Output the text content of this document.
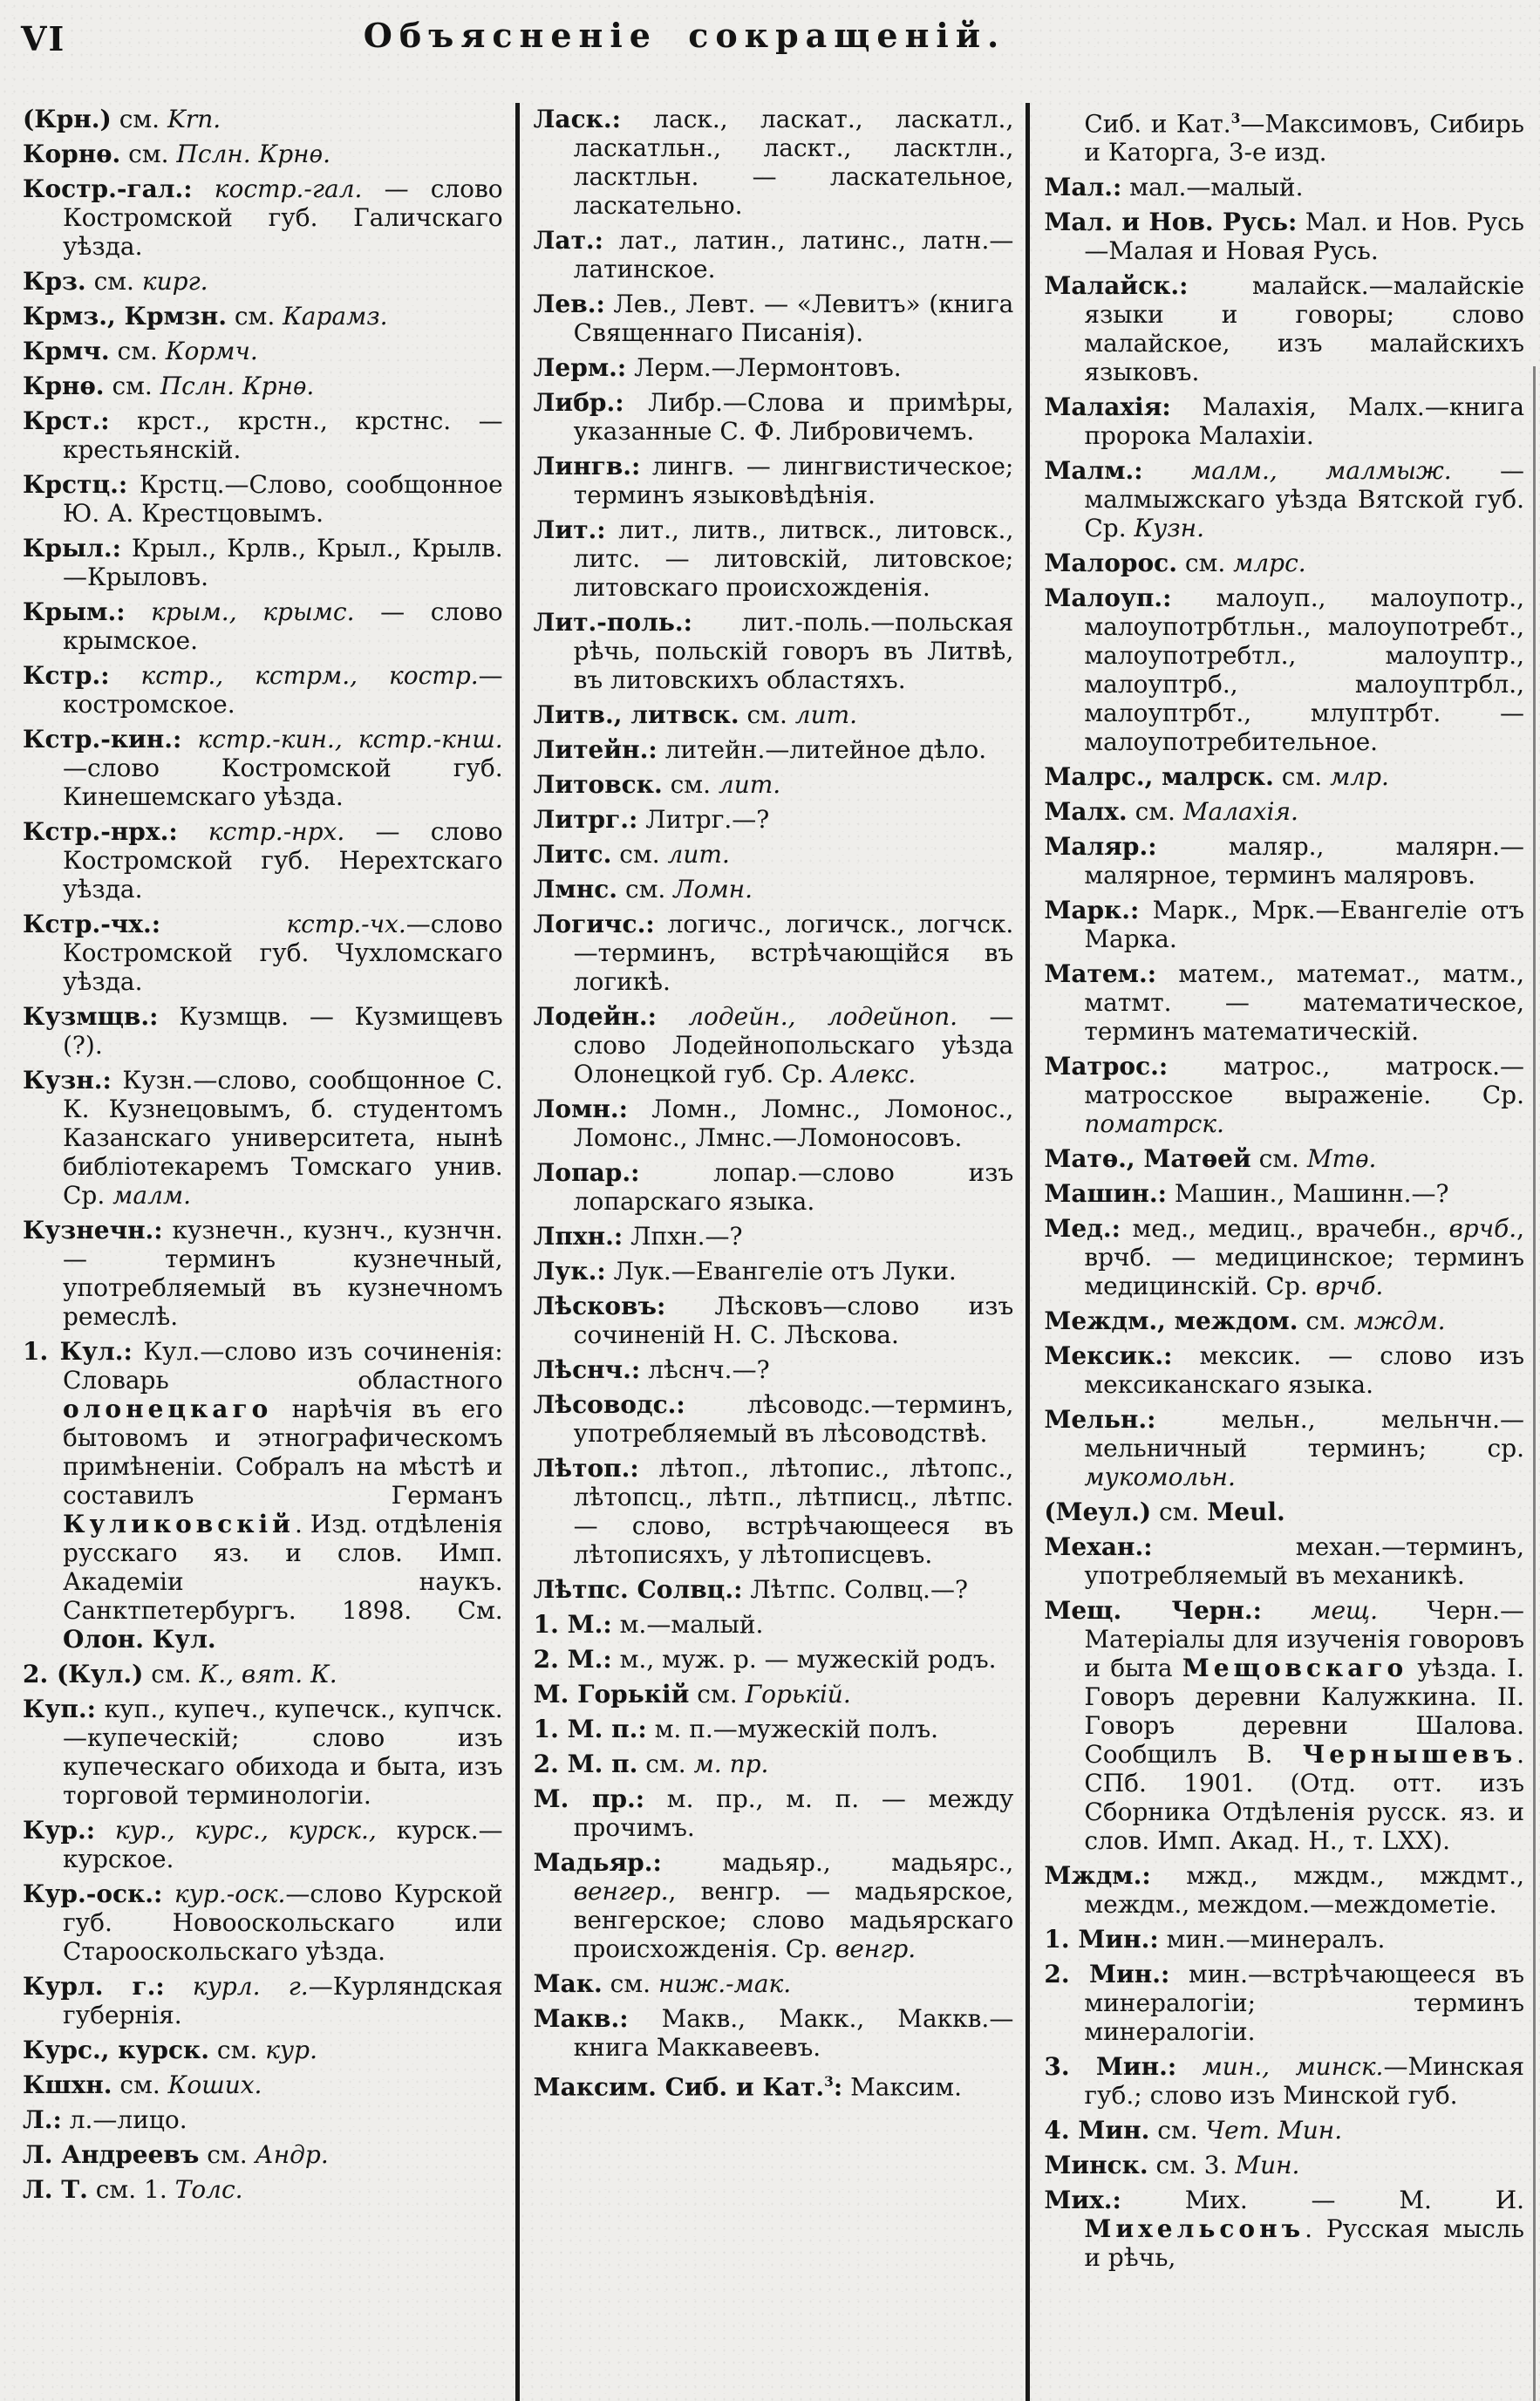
VI	Объясненіе сокращеній.
(Крн.) см. Krn.
Корнѳ. см. Пслн. Крнѳ.
Костр.-гал.: костр.-гал. — слово Костромской губ. Галичскаго уѣзда.
Крз. см. кирг.
Крмз., Крмзн. см. Карамз.
Крмч. см. Кормч.
Крнѳ. см. Пслн. Крнѳ.
Крст.: крст., крстн., крстнс. — крестьянскій.
Крстц.: Крстц.—Слово, сообщонное Ю. А. Крестцовымъ.
Крыл.: Крыл., Крлв., Крыл., Крылв.—Крыловъ.
Крым.: крым., крымс. — слово крымское.
Кстр.: кстр., кстрм., костр.— костромское.
Кстр.-кин.: кстр.-кин., кстр.-кнш. —слово Костромской губ. Кинешемскаго уѣзда.
Кстр.-нрх.: кстр.-нрх. — слово Костромской губ. Нерехтскаго уѣзда.
Кстр.-чх.: кстр.-чх.—слово Костромской губ. Чухломскаго уѣзда.
Кузмщв.: Кузмщв. — Кузмищевъ (?).
Кузн.: Кузн.—слово, сообщонное С. К. Кузнецовымъ, б. студентомъ Казанскаго университета, нынѣ библіотекаремъ Томскаго унив. Ср. малм.
Кузнечн.: кузнечн., кузнч., кузнчн. — терминъ кузнечный, употребляемый въ кузнечномъ ремеслѣ.
1. Кул.: Кул.—слово изъ сочиненія: Словарь областного олонецкаго нарѣчія въ его бытовомъ и этнографическомъ примѣненіи. Собралъ на мѣстѣ и составилъ Германъ Куликовскій. Изд. отдѣленія русскаго яз. и слов. Имп. Академіи наукъ. Санктпетербургъ. 1898. См. Олон. Кул.
2. (Кул.) см. К., вят. К.
Куп.: куп., купеч., купечск., купчск.—купеческій; слово изъ купеческаго обихода и быта, изъ торговой терминологіи.
Кур.: кур., курс., курск., курск.— курское.
Кур.-оск.: кур.-оск.—слово Курской губ. Новооскольскаго или Старооскольскаго уѣзда.
Курл. г.: курл. г.—Курляндская губернія.
Курс., курск. см. кур.
Кшхн. см. Коших.
Л.: л.—лицо.
Л. Андреевъ см. Андр.
Л. Т. см. 1. Толс.
Ласк.: ласк., ласкат., ласкатл., ласкатльн., ласкт., ласктлн., ласктльн. — ласкательное, ласкательно.
Лат.: лат., латин., латинс., латн.— латинское.
Лев.: Лев., Левт. — «Левитъ» (книга Священнаго Писанія).
Лерм.: Лерм.—Лермонтовъ.
Либр.: Либр.—Слова и примѣры, указанные С. Ф. Либровичемъ.
Лингв.: лингв. — лингвистическое; терминъ языковѣдѣнія.
Лит.: лит., литв., литвск., литовск., литс. — литовскій, литовское; литовскаго происхожденія.
Лит.-поль.: лит.-поль.—польская рѣчь, польскій говоръ въ Литвѣ, въ литовскихъ областяхъ.
Литв., литвск. см. лит.
Литейн.: литейн.—литейное дѣло.
Литовск. см. лит.
Литрг.: Литрг.—?
Литс. см. лит.
Лмнс. см. Ломн.
Логичс.: логичс., логичск., логчск. —терминъ, встрѣчающійся въ логикѣ.
Лодейн.: лодейн., лодейноп. — слово Лодейнопольскаго уѣзда Олонецкой губ. Ср. Алекс.
Ломн.: Ломн., Ломнс., Ломонос., Ломонс., Лмнс.—Ломоносовъ.
Лопар.: лопар.—слово изъ лопарскаго языка.
Лпхн.: Лпхн.—?
Лук.: Лук.—Евангеліе отъ Луки.
Лѣсковъ: Лѣсковъ—слово изъ сочиненій Н. С. Лѣскова.
Лѣснч.: лѣснч.—?
Лѣсоводс.: лѣсоводс.—терминъ, употребляемый въ лѣсоводствѣ.
Лѣтоп.: лѣтоп., лѣтопис., лѣтопс., лѣтопсц., лѣтп., лѣтписц., лѣтпс. — слово, встрѣчающееся въ лѣтописяхъ, у лѣтописцевъ.
Лѣтпс. Солвц.: Лѣтпс. Солвц.—?
1. М.: м.—малый.
2. М.: м., муж. р. — мужескій родъ.
М. Горькій см. Горькій.
1. М. п.: м. п.—мужескій полъ.
2. М. п. см. м. пр.
М. пр.: м. пр., м. п. — между прочимъ.
Мадьяр.: мадьяр., мадьярс., венгер., венгр. — мадьярское, венгерское; слово мадьярскаго происхожденія. Ср. венгр.
Мак. см. ниж.-мак.
Макв.: Макв., Макк., Маккв.— книга Маккавеевъ.
Максим. Сиб. и Кат.$^3$: Максим.
Сиб. и Кат.$^3$—Максимовъ, Сибирь и Каторга, 3-е изд.
Мал.: мал.—малый.
Мал. и Нов. Русь: Мал. и Нов. Русь—Малая и Новая Русь.
Малайск.: малайск.—малайскіе языки и говоры; слово малайское, изъ малайскихъ языковъ.
Малахія: Малахія, Малх.—книга пророка Малахіи.
Малм.: малм., малмыж. — малмыжскаго уѣзда Вятской губ. Ср. Кузн.
Малорос. см. млрс.
Малоуп.: малоуп., малоупотр., малоупотрбтльн., малоупотребт., малоупотребтл., малоуптр., малоуптрб., малоуптрбл., малоуптрбт., млуптрбт. — малоупотребительное.
Малрс., малрск. см. млр.
Малх. см. Малахія.
Маляр.: маляр., малярн.—малярное, терминъ маляровъ.
Марк.: Марк., Мрк.—Евангеліе отъ Марка.
Матем.: матем., математ., матм., матмт. — математическое, терминъ математическій.
Матрос.: матрос., матроск.—матросское выраженіе. Ср. поматрск.
Матѳ., Матѳей см. Мтѳ.
Машин.: Машин., Машинн.—?
Мед.: мед., медиц., врачебн., врчб., врчб. — медицинское; терминъ медицинскій. Ср. врчб.
Междм., междом. см. мждм.
Мексик.: мексик. — слово изъ мексиканскаго языка.
Мельн.: мельн., мельнчн.—мельничный терминъ; ср. мукомольн.
(Меул.) см. Meul.
Механ.: механ.—терминъ, употребляемый въ механикѣ.
Мещ. Черн.: мещ. Черн.—Матеріалы для изученія говоровъ и быта Мещовскаго уѣзда. I. Говоръ деревни Калужкина. II. Говоръ деревни Шалова. Сообщилъ В. Чернышевъ. СПб. 1901. (Отд. отт. изъ Сборника Отдѣленія русск. яз. и слов. Имп. Акад. Н., т. LXX).
Мждм.: мжд., мждм., мждмт., междм., междом.—междометіе.
1. Мин.: мин.—минералъ.
2. Мин.: мин.—встрѣчающееся въ минералогіи; терминъ минералогіи.
3. Мин.: мин., минск.—Минская губ.; слово изъ Минской губ.
4. Мин. см. Чет. Мин.
Минск. см. 3. Мин.
Мих.: Мих. — М. И. Михельсонъ. Русская мысль и рѣчь,
